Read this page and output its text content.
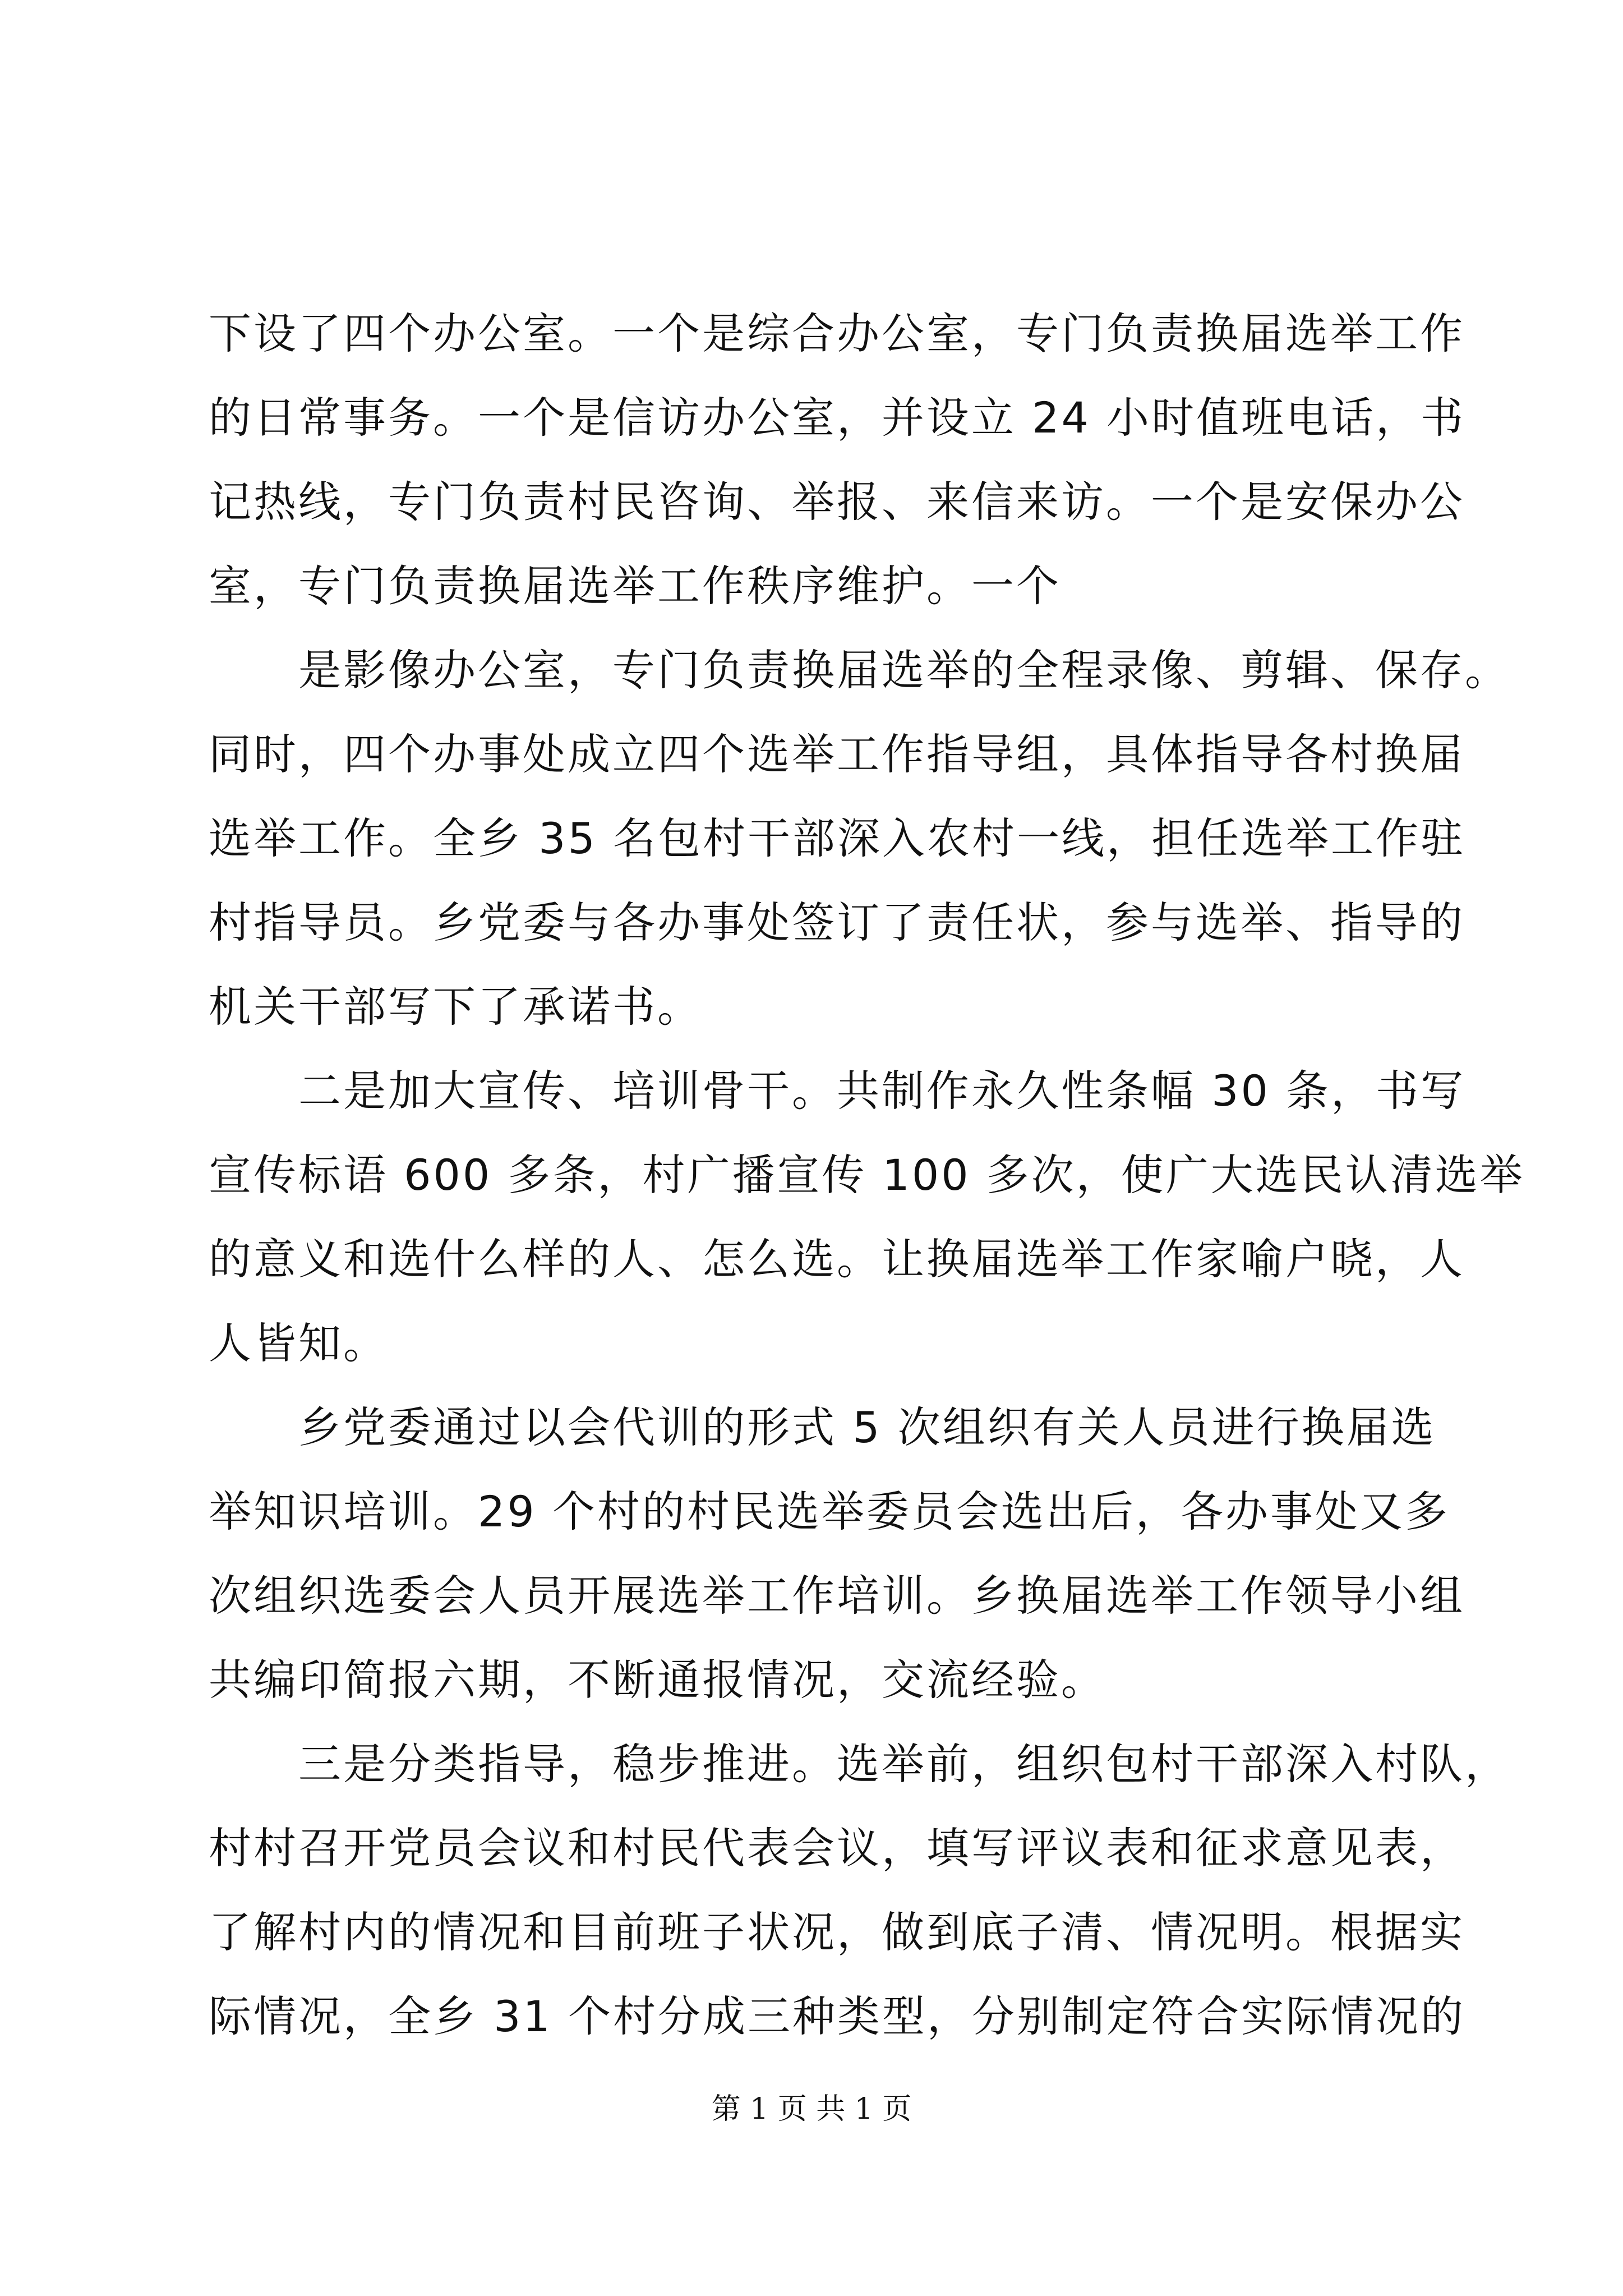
下设了四个办公室。一个是综合办公室，专门负责换届选举工作
的日常事务。一个是信访办公室，并设立 24 小时值班电话，书
记热线，专门负责村民咨询、举报、来信来访。一个是安保办公
室，专门负责换届选举工作秩序维护。一个
是影像办公室，专门负责换届选举的全程录像、剪辑、保存。
同时，四个办事处成立四个选举工作指导组，具体指导各村换届
选举工作。全乡 35 名包村干部深入农村一线，担任选举工作驻
村指导员。乡党委与各办事处签订了责任状，参与选举、指导的
机关干部写下了承诺书。
二是加大宣传、培训骨干。共制作永久性条幅 30 条，书写
宣传标语 600 多条，村广播宣传 100 多次，使广大选民认清选举
的意义和选什么样的人、怎么选。让换届选举工作家喻户晓，人
人皆知。
乡党委通过以会代训的形式 5 次组织有关人员进行换届选
举知识培训。29 个村的村民选举委员会选出后，各办事处又多
次组织选委会人员开展选举工作培训。乡换届选举工作领导小组
共编印简报六期，不断通报情况，交流经验。
三是分类指导，稳步推进。选举前，组织包村干部深入村队，
村村召开党员会议和村民代表会议，填写评议表和征求意见表，
了解村内的情况和目前班子状况，做到底子清、情况明。根据实
际情况，全乡 31 个村分成三种类型，分别制定符合实际情况的
第 1 页 共 1 页
